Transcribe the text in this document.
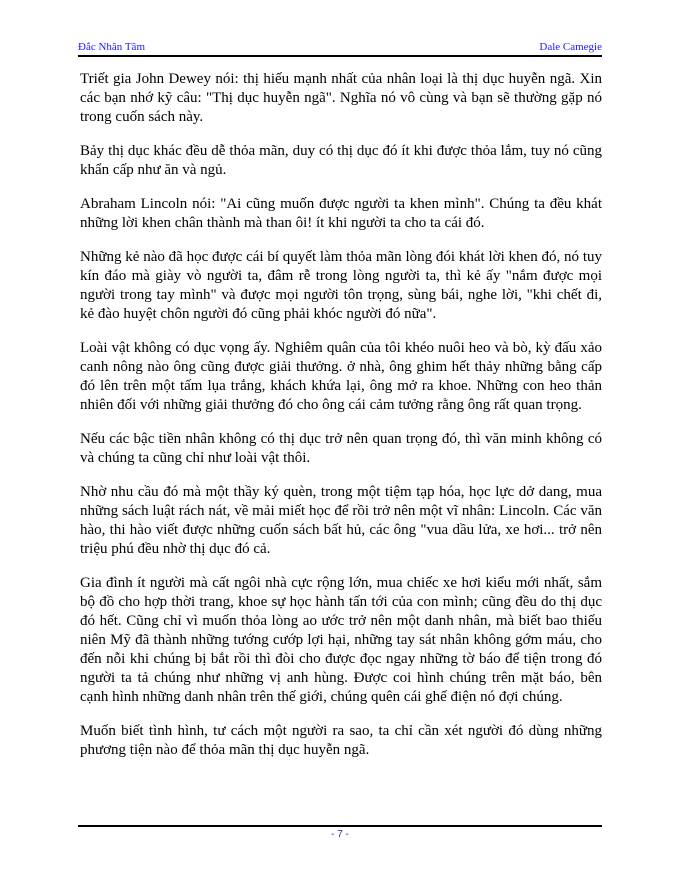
Đắc Nhân Tâm	Dale Camegie

Triết gia John Dewey nói: thị hiếu mạnh nhất của nhân loại là thị dục huyễn ngã. Xin các bạn nhớ kỹ câu: "Thị dục huyễn ngã". Nghĩa nó vô cùng và bạn sẽ thường gặp nó trong cuốn sách này.

Bảy thị dục khác đều dễ thỏa mãn, duy có thị dục đó ít khi được thỏa lắm, tuy nó cũng khẩn cấp như ăn và ngủ.

Abraham Lincoln nói: "Ai cũng muốn được người ta khen mình". Chúng ta đều khát những lời khen chân thành mà than ôi! ít khi người ta cho ta cái đó.

Những kẻ nào đã học được cái bí quyết làm thỏa mãn lòng đói khát lời khen đó, nó tuy kín đáo mà giày vò người ta, đâm rễ trong lòng người ta, thì kẻ ấy "nắm được mọi người trong tay mình" và được mọi người tôn trọng, sùng bái, nghe lời, "khi chết đi, kẻ đào huyệt chôn người đó cũng phải khóc người đó nữa".

Loài vật không có dục vọng ấy. Nghiêm quân của tôi khéo nuôi heo và bò, kỳ đấu xảo canh nông nào ông cũng được giải thưởng. ở nhà, ông ghim hết thảy những bằng cấp đó lên trên một tấm lụa trắng, khách khứa lại, ông mở ra khoe. Những con heo thản nhiên đối với những giải thưởng đó cho ông cái cảm tưởng rằng ông rất quan trọng.

Nếu các bậc tiền nhân không có thị dục trở nên quan trọng đó, thì văn minh không có và chúng ta cũng chỉ như loài vật thôi.

Nhờ nhu cầu đó mà một thầy ký quèn, trong một tiệm tạp hóa, học lực dở dang, mua những sách luật rách nát, về mải miết học để rồi trở nên một vĩ nhân: Lincoln. Các văn hào, thi hào viết được những cuốn sách bất hủ, các ông "vua dầu lửa, xe hơi... trở nên triệu phú đều nhờ thị dục đó cả.

Gia đình ít người mà cất ngôi nhà cực rộng lớn, mua chiếc xe hơi kiểu mới nhất, sắm bộ đồ cho hợp thời trang, khoe sự học hành tấn tới của con mình; cũng đều do thị dục đó hết. Cũng chỉ vì muốn thỏa lòng ao ước trở nên một danh nhân, mà biết bao thiếu niên Mỹ đã thành những tướng cướp lợi hại, những tay sát nhân không gớm máu, cho đến nỗi khi chúng bị bắt rồi thì đòi cho được đọc ngay những tờ báo để tiện trong đó người ta tả chúng như những vị anh hùng. Được coi hình chúng trên mặt báo, bên cạnh hình những danh nhân trên thế giới, chúng quên cái ghế điện nó đợi chúng.

Muốn biết tình hình, tư cách một người ra sao, ta chỉ cần xét người đó dùng những phương tiện nào để thỏa mãn thị dục huyễn ngã.

- 7 -
